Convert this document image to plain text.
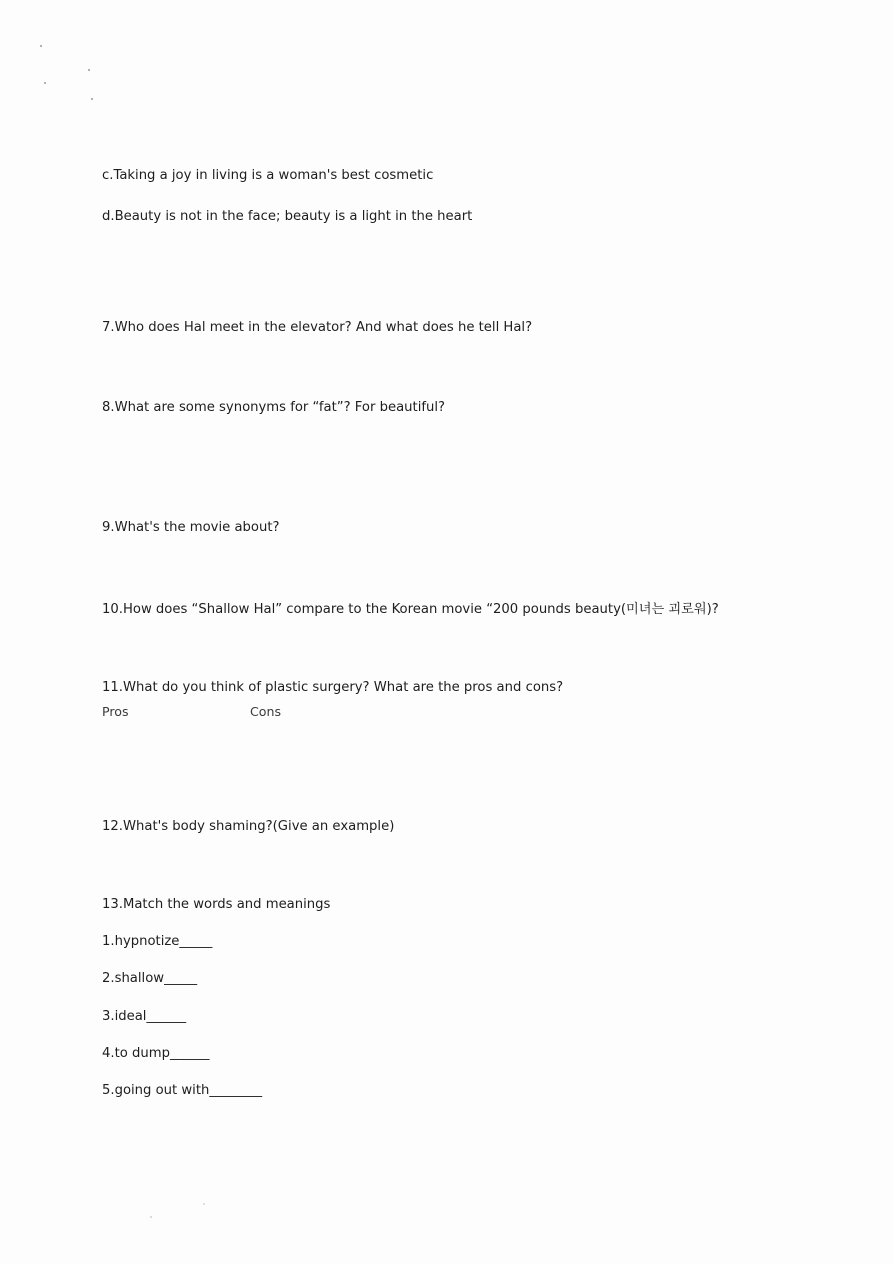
c.Taking a joy in living is a woman's best cosmetic
d.Beauty is not in the face; beauty is a light in the heart
7.Who does Hal meet in the elevator? And what does he tell Hal?
8.What are some synonyms for “fat”? For beautiful?
9.What's the movie about?
10.How does “Shallow Hal” compare to the Korean movie “200 pounds beauty(미녀는 괴로워)?
11.What do you think of plastic surgery? What are the pros and cons?
Pros	Cons
12.What's body shaming?(Give an example)
13.Match the words and meanings
1.hypnotize_____
2.shallow_____
3.ideal______
4.to dump______
5.going out with________
